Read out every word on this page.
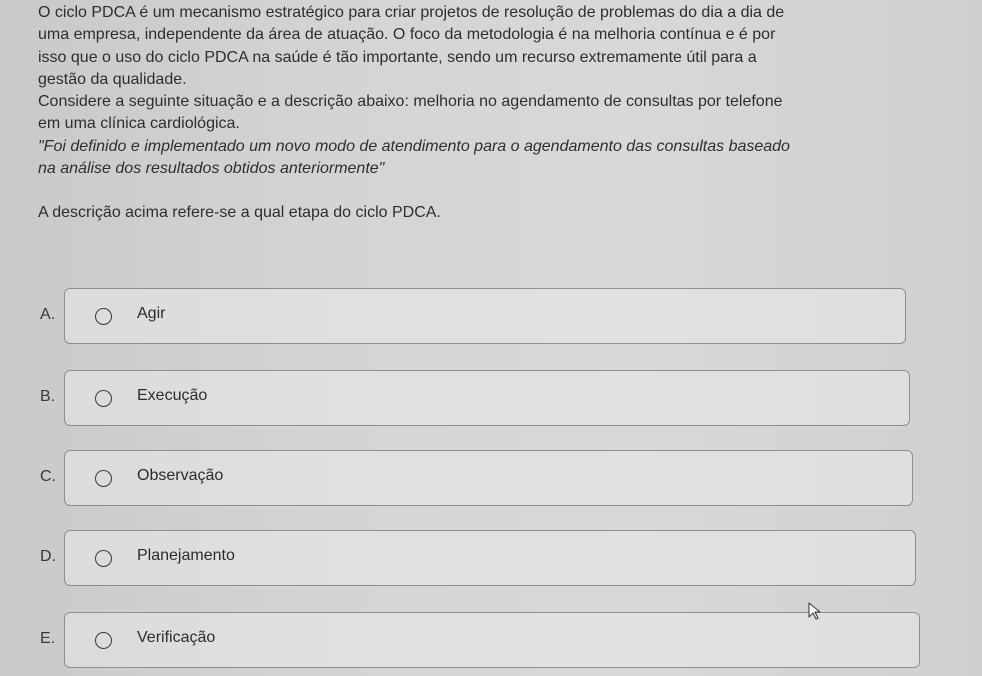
O ciclo PDCA é um mecanismo estratégico para criar projetos de resolução de problemas do dia a dia de

uma empresa, independente da área de atuação. O foco da metodologia é na melhoria contínua e é por

isso que o uso do ciclo PDCA na saúde é tão importante, sendo um recurso extremamente útil para a

gestão da qualidade.

Considere a seguinte situação e a descrição abaixo: melhoria no agendamento de consultas por telefone

em uma clínica cardiológica.

"Foi definido e implementado um novo modo de atendimento para o agendamento das consultas baseado

na análise dos resultados obtidos anteriormente"

A descrição acima refere-se a qual etapa do ciclo PDCA.

A.	Agir
B.	Execução
C.	Observação
D.	Planejamento
E.	Verificação
